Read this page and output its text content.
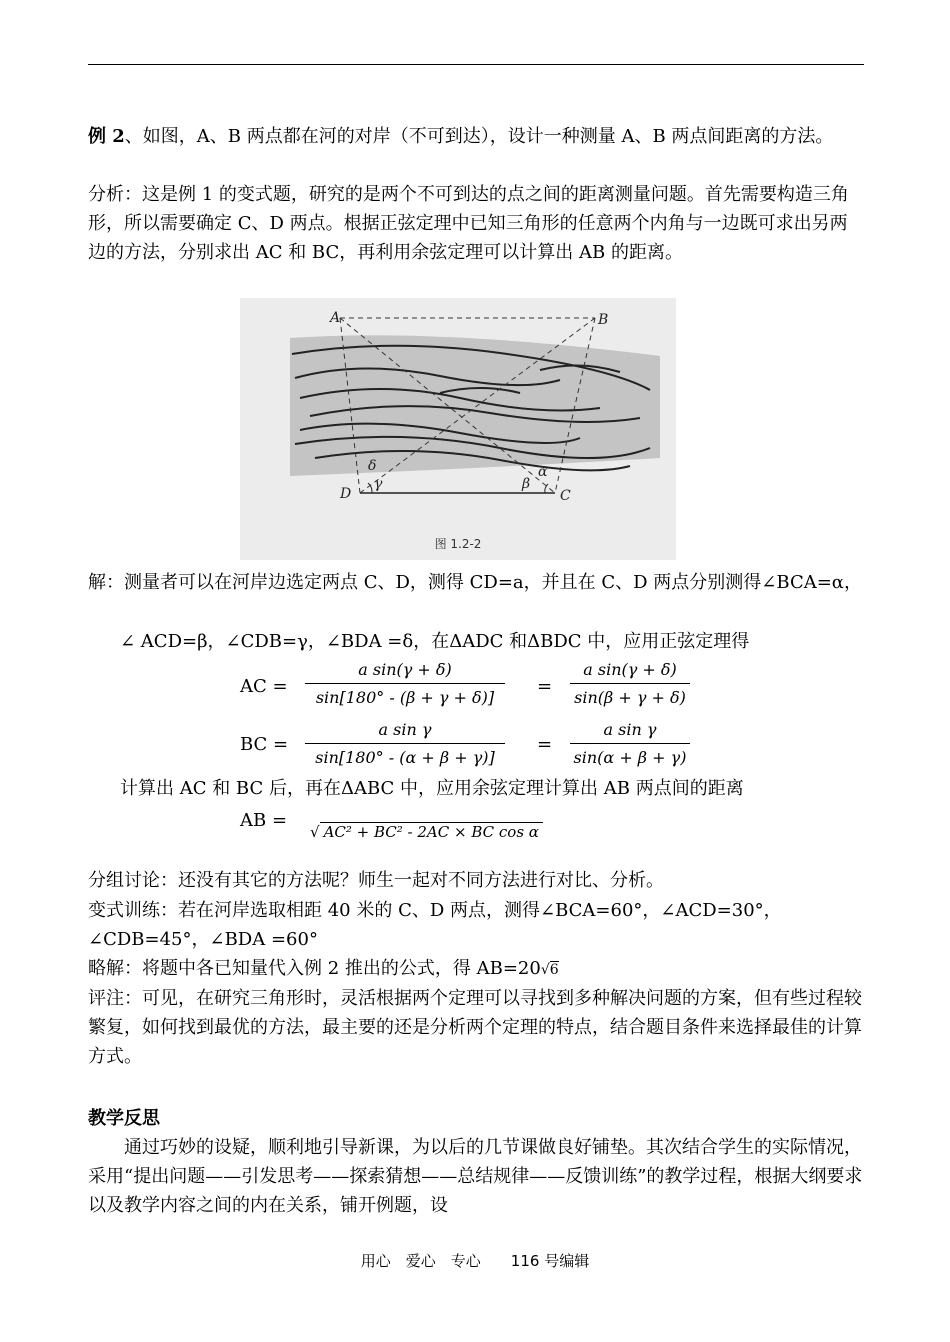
例 2、如图，A、B 两点都在河的对岸（不可到达），设计一种测量 A、B 两点间距离的方法。
分析：这是例 1 的变式题，研究的是两个不可到达的点之间的距离测量问题。首先需要构造三角形，所以需要确定 C、D 两点。根据正弦定理中已知三角形的任意两个内角与一边既可求出另两边的方法，分别求出 AC 和 BC，再利用余弦定理可以计算出 AB 的距离。
A	B
D	C
δ
γ	β
α
图 1.2-2
解：测量者可以在河岸边选定两点 C、D，测得 CD=a，并且在 C、D 两点分别测得∠BCA=α，
∠ ACD=β，∠CDB=γ，∠BDA =δ，在ΔADC 和ΔBDC 中，应用正弦定理得
AC = $\frac{\text{a sin(γ + δ)}}{\sin[180^\circ - (\beta + \gamma + \delta)]} = \frac{\text{a sin(γ + δ)}}{\sin(\beta + \gamma + \delta)}$
BC = $\frac{\text{a sin γ}}{\sin[180^\circ - (\alpha + \beta + \gamma)]} = \frac{\text{a sin γ}}{\sin(\alpha + \beta + \gamma)}$
计算出 AC 和 BC 后，再在ΔABC 中，应用余弦定理计算出 AB 两点间的距离
AB =
√ AC² + BC² - 2AC × BC cos α
分组讨论：还没有其它的方法呢？师生一起对不同方法进行对比、分析。
变式训练：若在河岸选取相距 40 米的 C、D 两点，测得∠BCA=60°，∠ACD=30°，∠CDB=45°，∠BDA =60°
略解：将题中各已知量代入例 2 推出的公式，得 AB=20√6
评注：可见，在研究三角形时，灵活根据两个定理可以寻找到多种解决问题的方案，但有些过程较繁复，如何找到最优的方法，最主要的还是分析两个定理的特点，结合题目条件来选择最佳的计算方式。
教学反思
通过巧妙的设疑，顺利地引导新课，为以后的几节课做良好铺垫。其次结合学生的实际情况，采用“提出问题——引发思考——探索猜想——总结规律——反馈训练”的教学过程，根据大纲要求以及教学内容之间的内在关系，铺开例题，设
用心　爱心　专心　　116 号编辑
